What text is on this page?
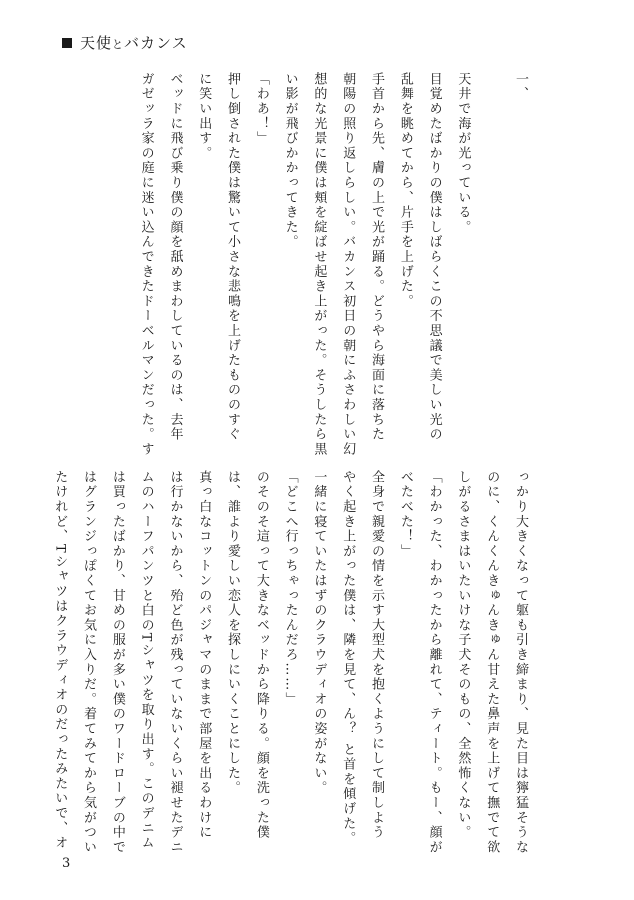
天使とバカンス

一、

天井で海が光っている。

目覚めたばかりの僕はしばらくこの不思議で美しい光の

乱舞を眺めてから、片手を上げた。

手首から先、膚の上で光が踊る。どうやら海面に落ちた

朝陽の照り返しらしい。バカンス初日の朝にふさわしい幻

想的な光景に僕は頬を綻ばせ起き上がった。そうしたら黒

い影が飛びかかってきた。

「わあ！」

押し倒された僕は驚いて小さな悲鳴を上げたもののすぐ

に笑い出す。

ベッドに飛び乗り僕の顔を舐めまわしているのは、去年

ガゼッラ家の庭に迷い込んできたドーベルマンだった。す

っかり大きくなって躯も引き締まり、見た目は獰猛そうな

のに、くんくんきゅんきゅん甘えた鼻声を上げて撫でて欲

しがるさまはいたいけな子犬そのもの、全然怖くない。

「わかった、わかったから離れて、ティート。もー、顔が

べたべた！」

全身で親愛の情を示す大型犬を抱くようにして制しよう

やく起き上がった僕は、隣を見て、ん？ と首を傾げた。

一緒に寝ていたはずのクラウディオの姿がない。

「どこへ行っちゃったんだろ……」

のそのそ這って大きなベッドから降りる。顔を洗った僕

は、誰より愛しい恋人を探しにいくことにした。

真っ白なコットンのパジャマのままで部屋を出るわけに

は行かないから、殆ど色が残っていないくらい褪せたデニ

ムのハーフパンツと白のTシャツを取り出す。このデニム

は買ったばかり、甘めの服が多い僕のワードローブの中で

はグランジっぽくてお気に入りだ。着てみてから気がつい

たけれど、Tシャツはクラウディオのだったみたいで、オ

3
